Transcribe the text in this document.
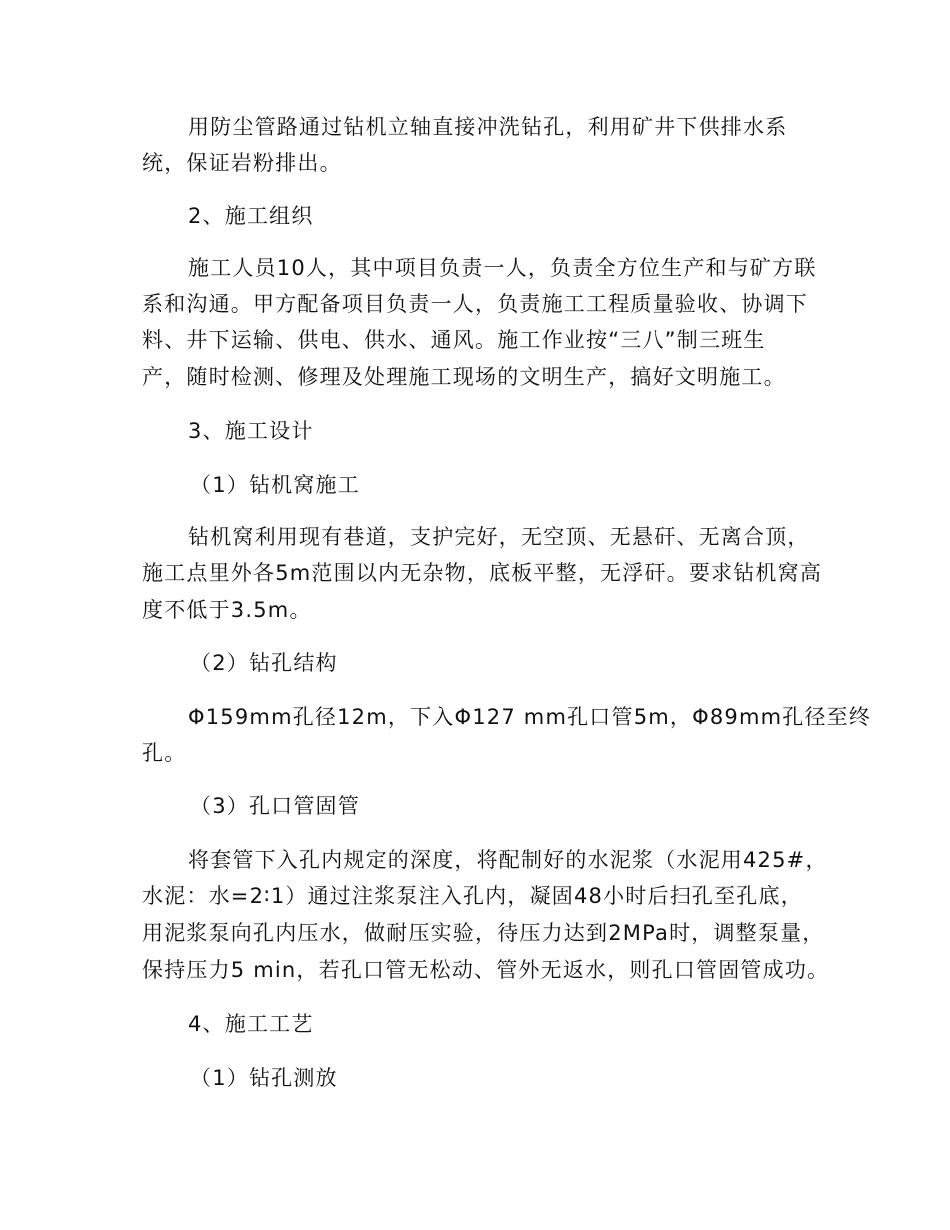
用防尘管路通过钻机立轴直接冲洗钻孔，利用矿井下供排水系
统，保证岩粉排出。
2、施工组织
施工人员10人，其中项目负责一人，负责全方位生产和与矿方联
系和沟通。甲方配备项目负责一人，负责施工工程质量验收、协调下
料、井下运输、供电、供水、通风。施工作业按“三八”制三班生
产，随时检测、修理及处理施工现场的文明生产，搞好文明施工。
3、施工设计
（1）钻机窝施工
钻机窝利用现有巷道，支护完好，无空顶、无悬矸、无离合顶，
施工点里外各5m范围以内无杂物，底板平整，无浮矸。要求钻机窝高
度不低于3.5m。
（2）钻孔结构
Φ159mm孔径12m，下入Φ127 mm孔口管5m，Φ89mm孔径至终
孔。
（3）孔口管固管
将套管下入孔内规定的深度，将配制好的水泥浆（水泥用425#，
水泥：水=2∶1）通过注浆泵注入孔内，凝固48小时后扫孔至孔底，
用泥浆泵向孔内压水，做耐压实验，待压力达到2MPa时，调整泵量，
保持压力5 min，若孔口管无松动、管外无返水，则孔口管固管成功。
4、施工工艺
（1）钻孔测放
